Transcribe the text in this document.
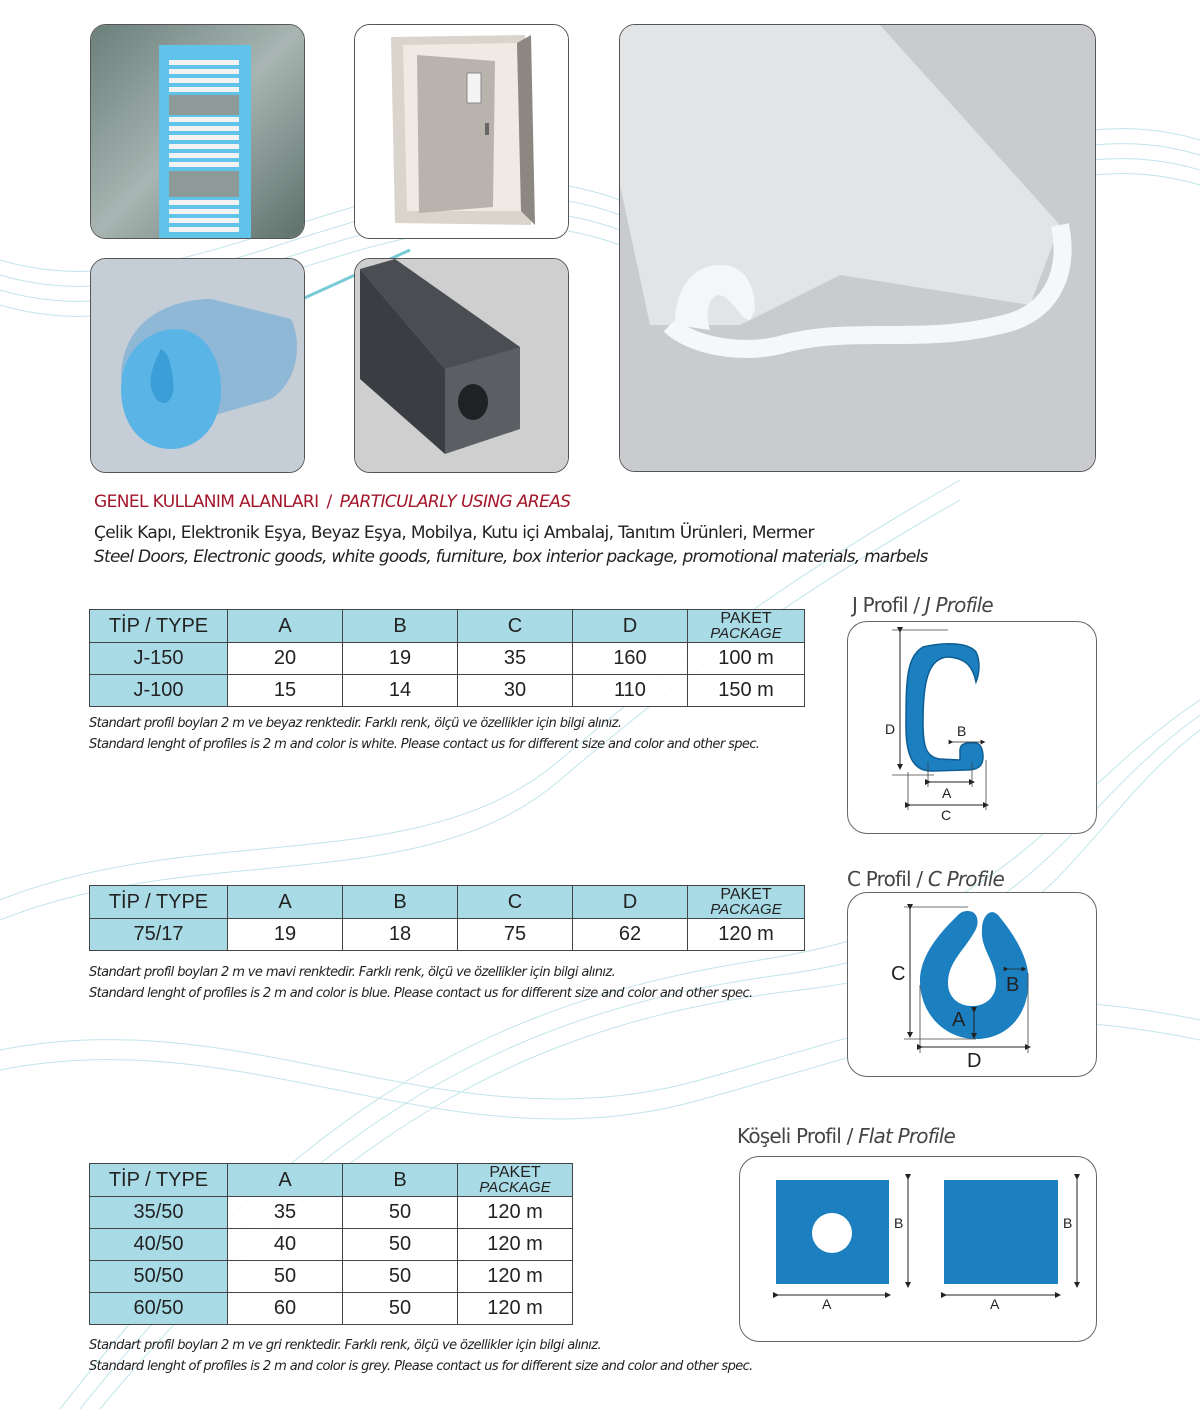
GENEL KULLANIM ALANLARI / PARTICULARLY USING AREAS
Çelik Kapı, Elektronik Eşya, Beyaz Eşya, Mobilya, Kutu içi Ambalaj, Tanıtım Ürünleri, Mermer
Steel Doors, Electronic goods, white goods, furniture, box interior package, promotional materials, marbels
TİP / TYPE	A	B	C	D	PAKET
PACKAGE

J-150	20	19	35	160	100 m
J-100	15	14	30	110	150 m
Standart profil boyları 2 m ve beyaz renktedir. Farklı renk, ölçü ve özellikler için bilgi alınız.
Standard lenght of profiles is 2 m and color is white. Please contact us for different size and color and other spec.
J Profil / J Profile
D
A
C
B
TİP / TYPE	A	B	C	D	PAKET
PACKAGE

75/17	19	18	75	62	120 m
Standart profil boyları 2 m ve mavi renktedir. Farklı renk, ölçü ve özellikler için bilgi alınız.
Standard lenght of profiles is 2 m and color is blue. Please contact us for different size and color and other spec.
C Profil / C Profile
C
D
A
B
TİP / TYPE	A	B	PAKET
PACKAGE

35/50	35	50	120 m
40/50	40	50	120 m
50/50	50	50	120 m
60/50	60	50	120 m
Standart profil boyları 2 m ve gri renktedir. Farklı renk, ölçü ve özellikler için bilgi alınız.
Standard lenght of profiles is 2 m and color is grey. Please contact us for different size and color and other spec.
Köşeli Profil / Flat Profile
B
A
B
A
